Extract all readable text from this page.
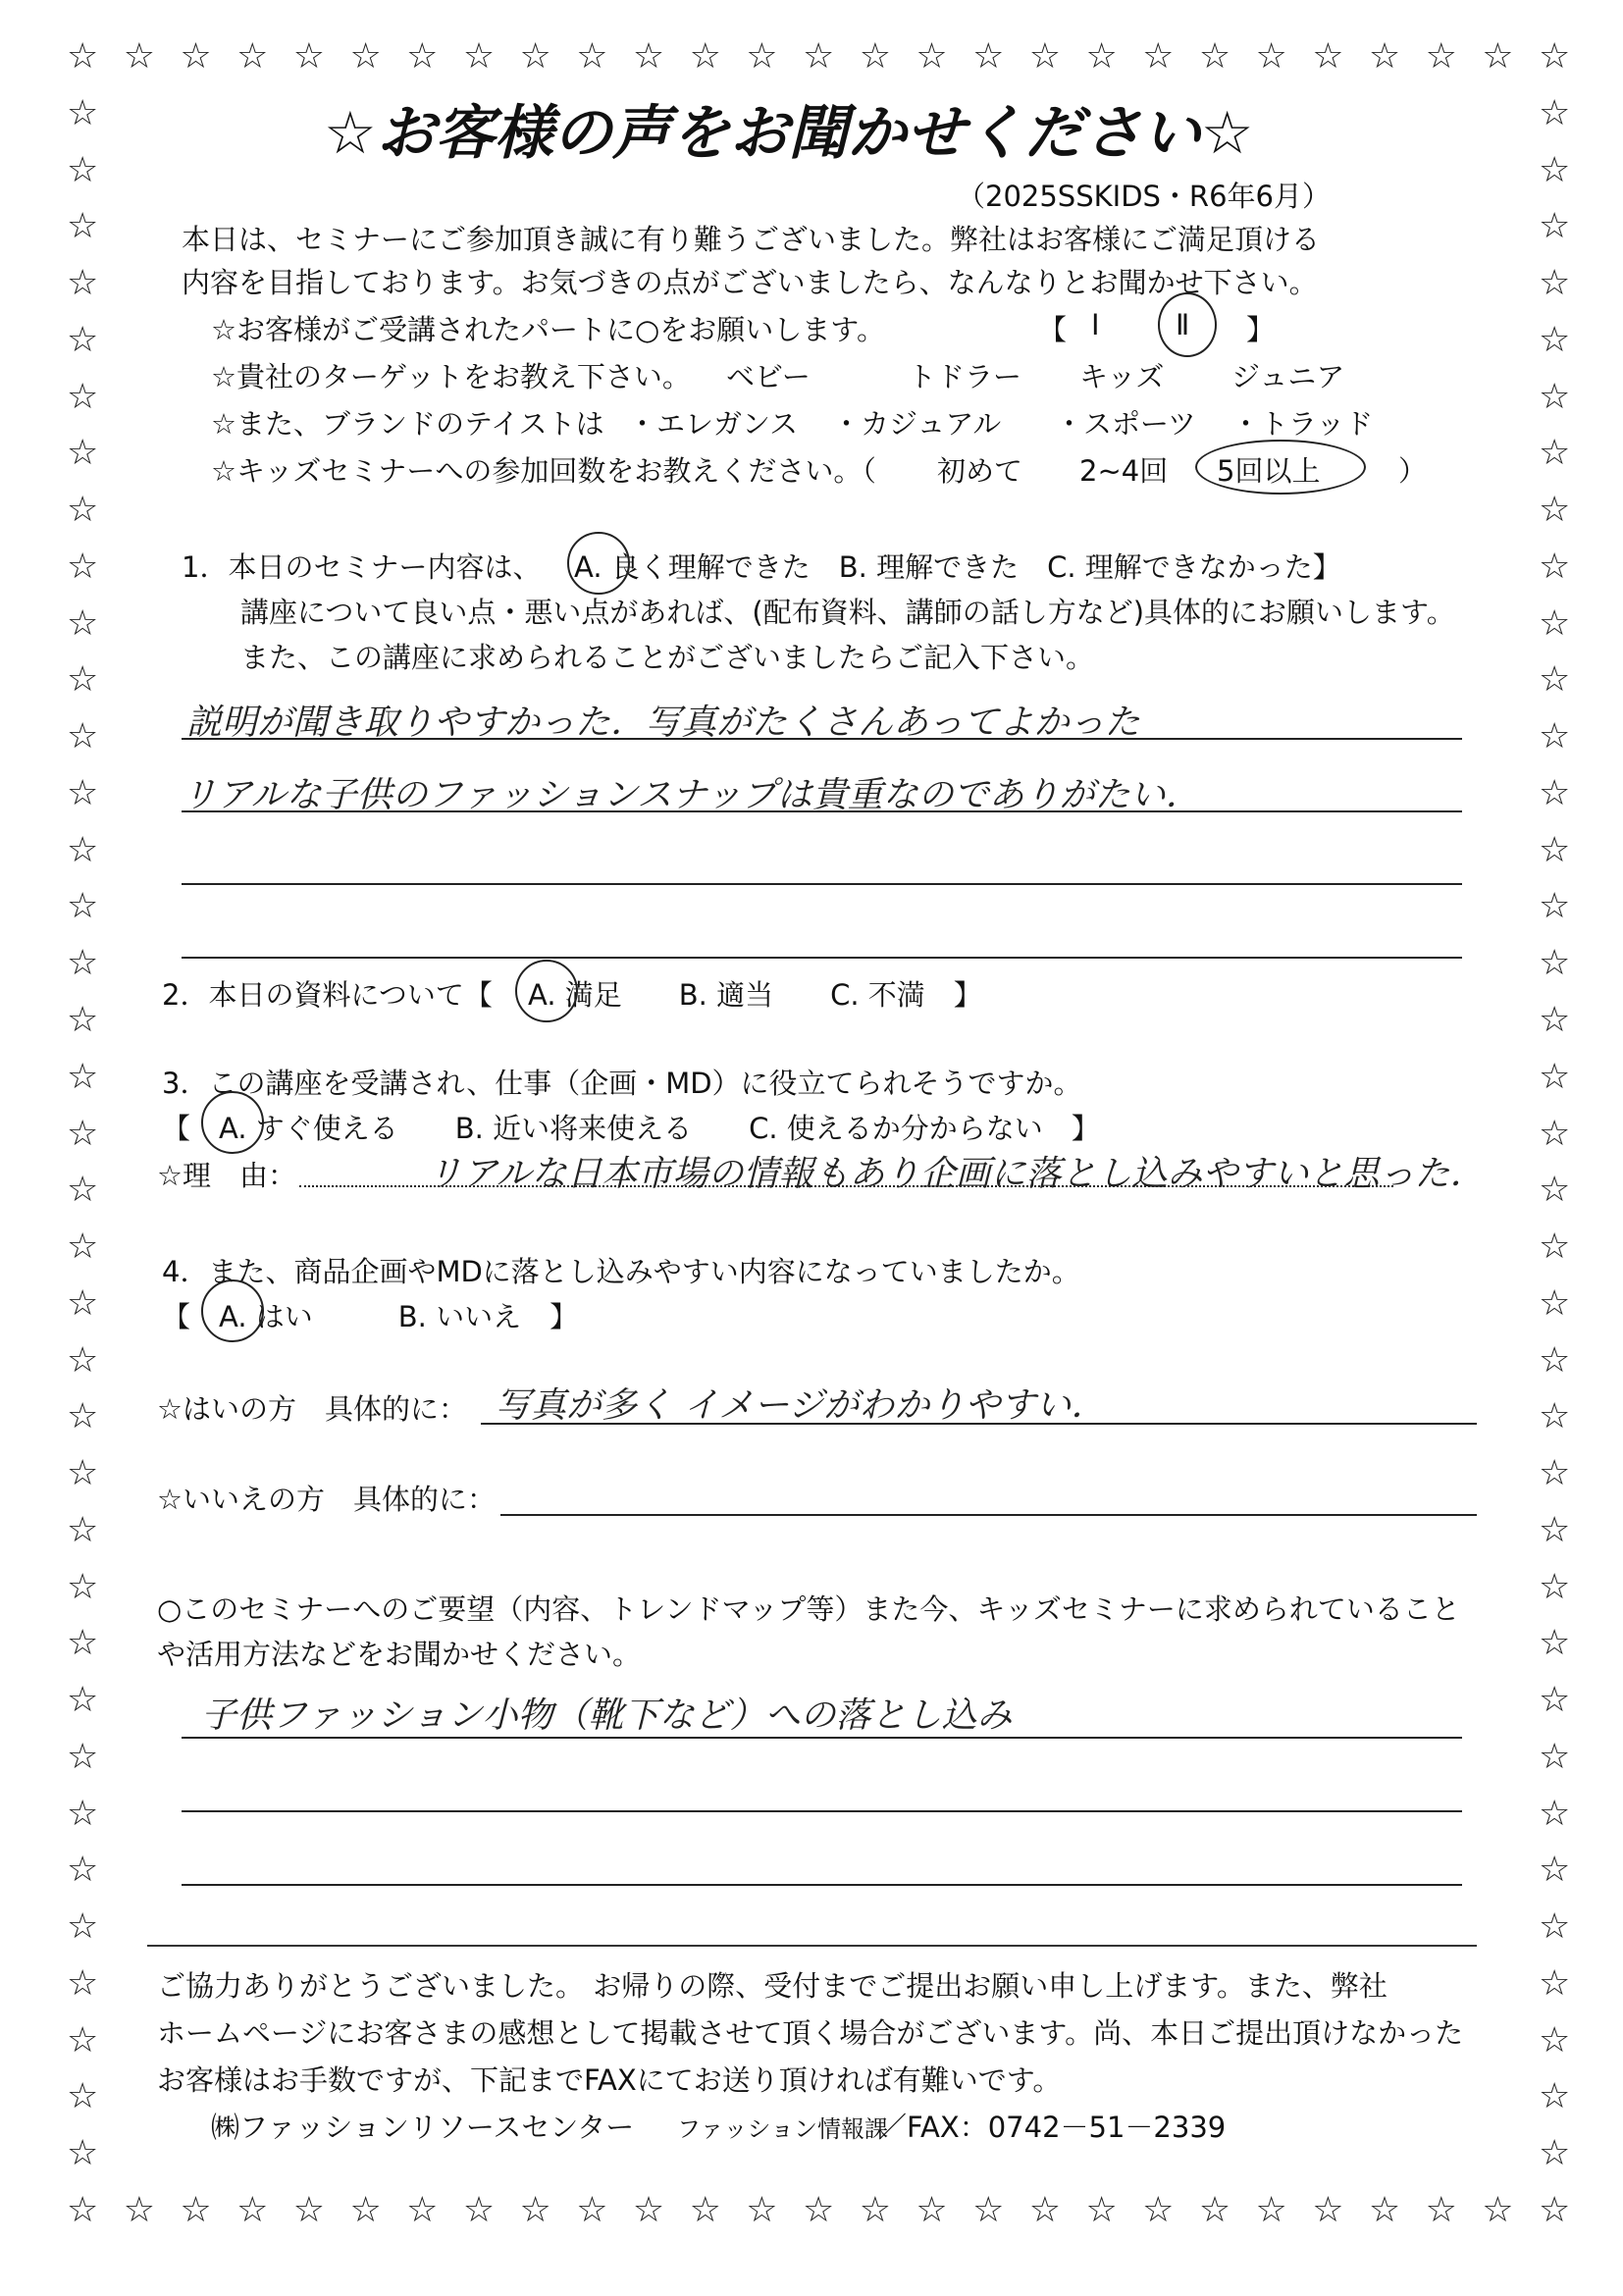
☆
☆
☆
☆
☆
☆
☆
☆
☆
☆
☆
☆
☆
☆
☆
☆
☆
☆
☆
☆
☆
☆
☆
☆
☆
☆
☆
☆
☆
☆
☆
☆
☆
☆
☆
☆
☆
☆
☆
☆
☆
☆
☆
☆
☆
☆
☆
☆
☆
☆
☆
☆
☆
☆
☆	☆
☆	☆
☆	☆
☆	☆
☆	☆
☆	☆
☆	☆
☆	☆
☆	☆
☆	☆
☆	☆
☆	☆
☆	☆
☆	☆
☆	☆
☆	☆
☆	☆
☆	☆
☆	☆
☆	☆
☆	☆
☆	☆
☆	☆
☆	☆
☆	☆
☆	☆
☆	☆
☆	☆
☆	☆
☆	☆
☆	☆
☆	☆
☆	☆
☆	☆
☆	☆
☆	☆
☆	☆
☆お客様の声をお聞かせください☆
（2025SSKIDS・R6年6月）
本日は、セミナーにご参加頂き誠に有り難うございました。弊社はお客様にご満足頂ける
内容を目指しております。お気づきの点がございましたら、なんなりとお聞かせ下さい。
☆お客様がご受講されたパートに○をお願いします。	【 Ⅰ	Ⅱ 】
☆貴社のターゲットをお教え下さい。 ベビー	トドラー キッズ ジュニア
☆また、ブランドのテイストは ・エレガンス ・カジュアル ・スポーツ ・トラッド
☆キッズセミナーへの参加回数をお教えください。（ 初めて 2~4回 5回以上	）
1．本日のセミナー内容は、 A. 良く理解できた　B. 理解できた　C. 理解できなかった】
講座について良い点・悪い点があれば、(配布資料、講師の話し方など)具体的にお願いします。
また、この講座に求められることがございましたらご記入下さい。
説明が聞き取りやすかった．写真がたくさんあってよかった
リアルな子供のファッションスナップは貴重なのでありがたい．
2．本日の資料について【 A. 満足　　B. 適当　　C. 不満　】
3．この講座を受講され、仕事（企画・MD）に役立てられそうですか。
【　A. すぐ使える　　B. 近い将来使える　　C. 使えるか分からない　】
☆理　由：	リアルな日本市場の情報もあり企画に落とし込みやすいと思った．
4．また、商品企画やMDに落とし込みやすい内容になっていましたか。
【　A. はい　　　B. いいえ　】
☆はいの方　具体的に： 写真が多く イメージがわかりやすい．
☆いいえの方　具体的に：
○このセミナーへのご要望（内容、トレンドマップ等）また今、キッズセミナーに求められていること
や活用方法などをお聞かせください。
子供ファッション小物（靴下など）への落とし込み
ご協力ありがとうございました。 お帰りの際、受付までご提出お願い申し上げます。また、弊社
ホームページにお客さまの感想として掲載させて頂く場合がございます。尚、本日ご提出頂けなかった
お客様はお手数ですが、下記までFAXにてお送り頂ければ有難いです。
㈱ファッションリソースセンター ファッション情報課
／FAX：0742－51－2339
